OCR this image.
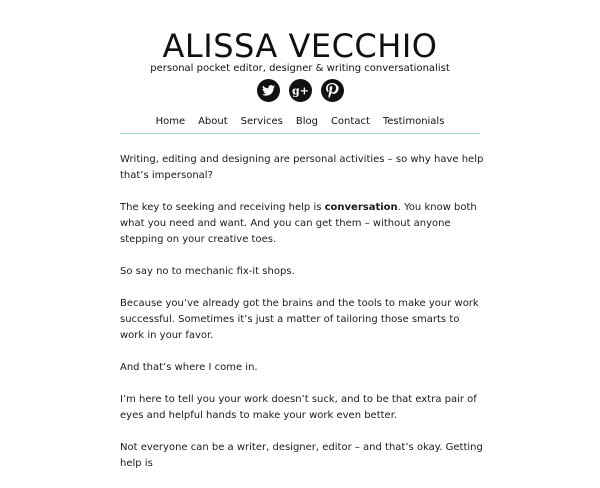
ALISSA VECCHIO
personal pocket editor, designer & writing conversationalist
g+
Home About Services Blog Contact Testimonials

Writing, editing and designing are personal activities – so why have help that’s impersonal?

The key to seeking and receiving help is conversation. You know both what you need and want. And you can get them – without anyone stepping on your creative toes.

So say no to mechanic fix-it shops.

Because you’ve already got the brains and the tools to make your work successful. Sometimes it’s just a matter of tailoring those smarts to work in your favor.

And that’s where I come in.

I’m here to tell you your work doesn’t suck, and to be that extra pair of eyes and helpful hands to make your work even better.

Not everyone can be a writer, designer, editor – and that’s okay. Getting help is
